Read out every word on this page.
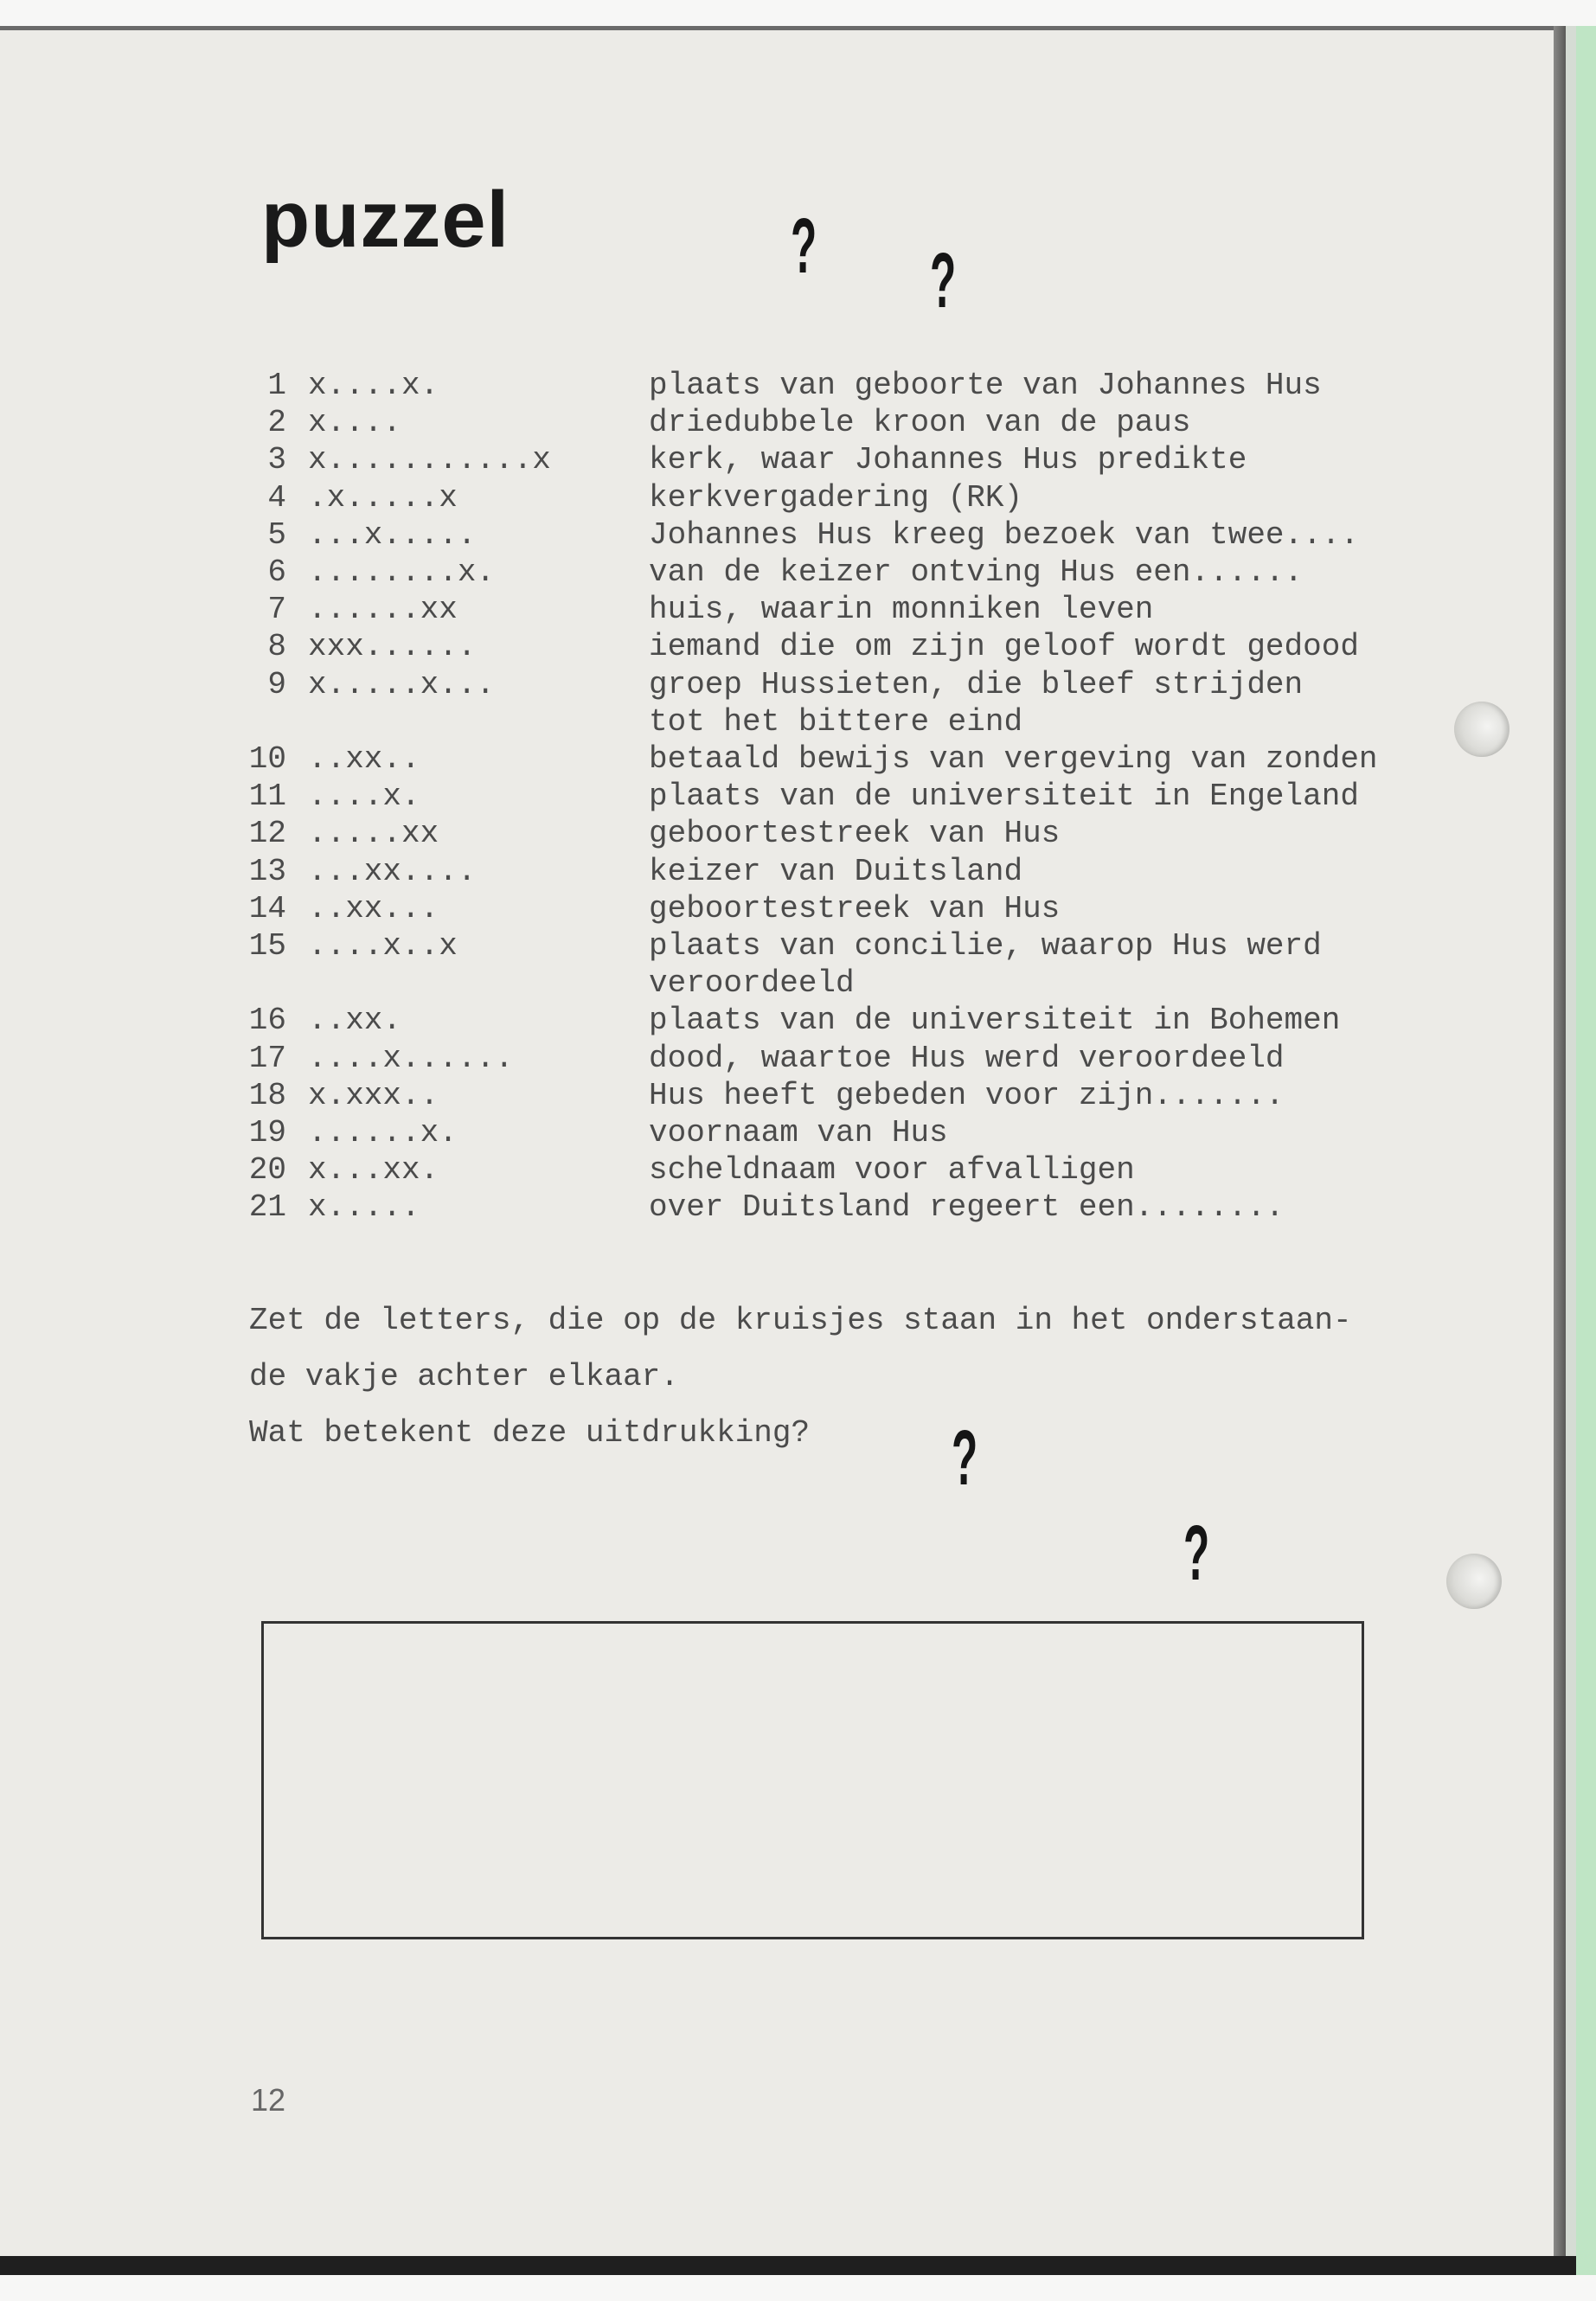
puzzel	? ?
?
?
1 x....x.	plaats van geboorte van Johannes Hus
2 x....	driedubbele kroon van de paus
3 x...........x	kerk, waar Johannes Hus predikte
4 .x.....x	kerkvergadering (RK)
5 ...x.....	Johannes Hus kreeg bezoek van twee....
6 ........x.	van de keizer ontving Hus een......
7 ......xx	huis, waarin monniken leven
8 xxx......	iemand die om zijn geloof wordt gedood
9 x.....x...	groep Hussieten, die bleef strijden
tot het bittere eind
10 ..xx..	betaald bewijs van vergeving van zonden
11 ....x.	plaats van de universiteit in Engeland
12 .....xx	geboortestreek van Hus
13 ...xx....	keizer van Duitsland
14 ..xx...	geboortestreek van Hus
15 ....x..x	plaats van concilie, waarop Hus werd
veroordeeld
16 ..xx.	plaats van de universiteit in Bohemen
17 ....x......	dood, waartoe Hus werd veroordeeld
18 x.xxx..	Hus heeft gebeden voor zijn.......
19 ......x.	voornaam van Hus
20 x...xx.	scheldnaam voor afvalligen
21 x.....	over Duitsland regeert een........
Zet de letters, die op de kruisjes staan in het onderstaan-
de vakje achter elkaar.
Wat betekent deze uitdrukking?
12
